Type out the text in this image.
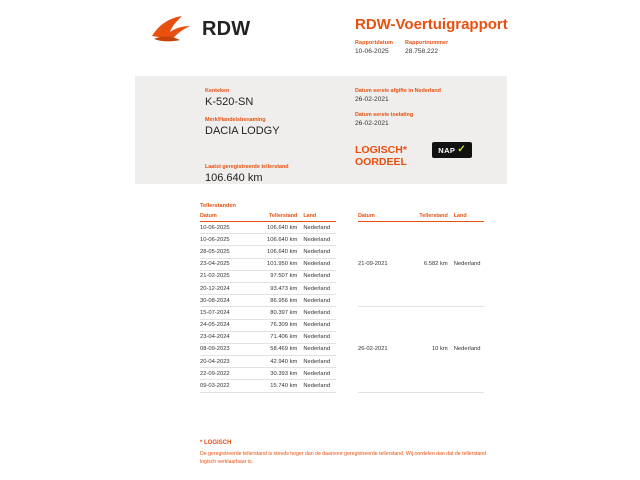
RDW	RDW-Voertuigrapport
Rapportdatum
10-06-2025
Rapportnummer
28.758.222
Kenteken
K-520-SN
Merk/Handelsbenaming
DACIA LODGY
Laatst geregistreerde tellerstand
106.640 km
Datum eerste afgifte in Nederland
26-02-2021
Datum eerste toelating
26-02-2021
LOGISCH*
OORDEEL
NAP ✓
Tellerstanden
Datum	Tellerstand	Land
10-06-2025	106.640 km	Nederland
10-06-2025	106.640 km	Nederland
28-05-2025	106.640 km	Nederland
23-04-2025	101.950 km	Nederland
21-02-2025	97.507 km	Nederland
20-12-2024	93.473 km	Nederland
30-08-2024	86.956 km	Nederland
15-07-2024	80.397 km	Nederland
24-05-2024	76.309 km	Nederland
23-04-2024	71.406 km	Nederland
08-09-2023	58.469 km	Nederland
20-04-2023	42.940 km	Nederland
22-09-2022	30.393 km	Nederland
09-03-2022	15.740 km	Nederland
Datum	Tellerstand	Land
21-09-2021	6.582 km	Nederland
26-02-2021	10 km	Nederland
* LOGISCH
De geregistreerde tellerstand is steeds hoger dan de daarvoor geregistreerde tellerstand. Wij oordelen dan dat de tellerstand logisch verklaarbaar is.
